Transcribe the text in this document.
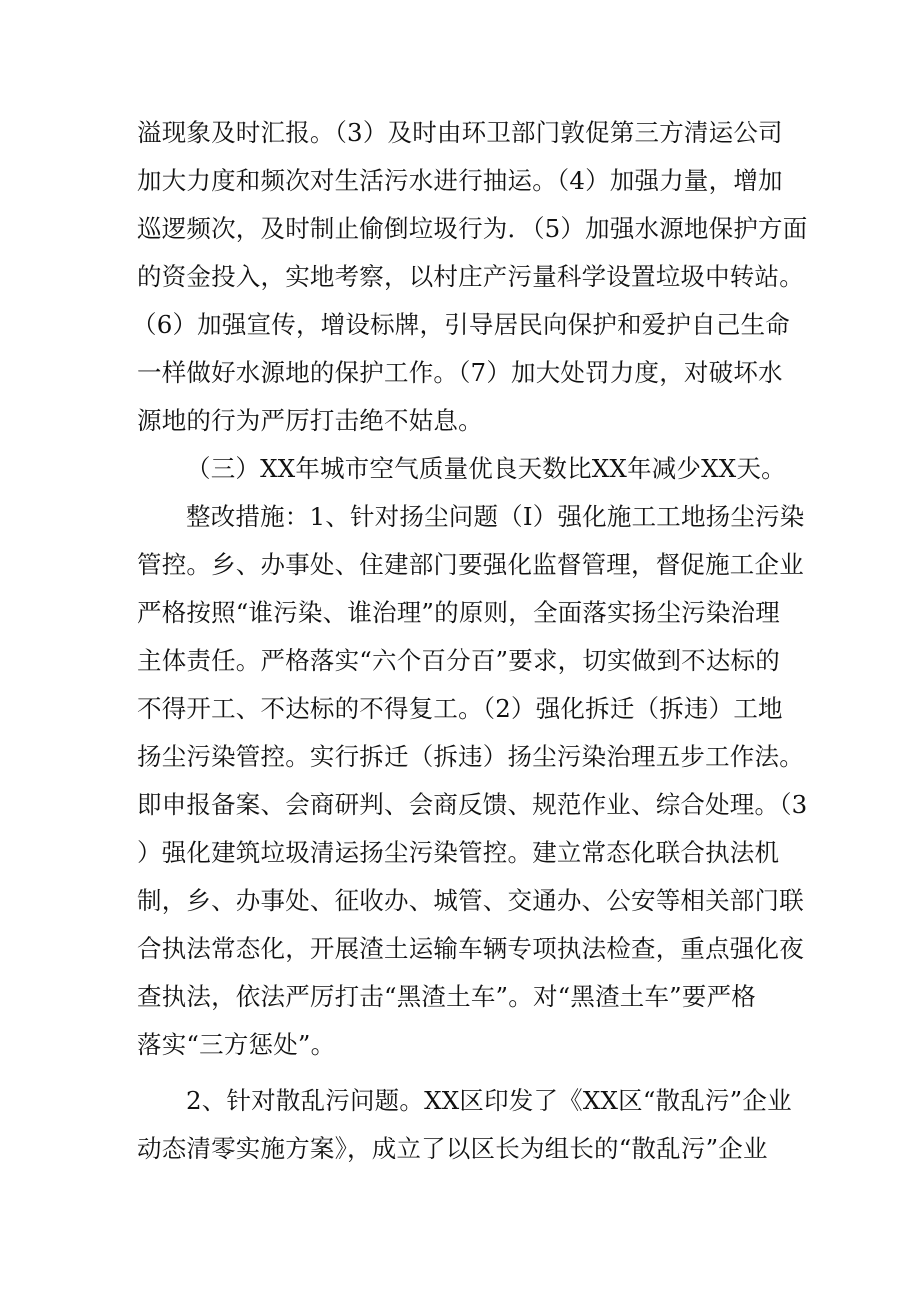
溢现象及时汇报。（3）及时由环卫部门敦促第三方清运公司
加大力度和频次对生活污水进行抽运。（4）加强力量，增加
巡逻频次，及时制止偷倒垃圾行为．（5）加强水源地保护方面
的资金投入，实地考察，以村庄产污量科学设置垃圾中转站。
（6）加强宣传，增设标牌，引导居民向保护和爱护自己生命
一样做好水源地的保护工作。（7）加大处罚力度，对破坏水
源地的行为严厉打击绝不姑息。
（三）XX年城市空气质量优良天数比XX年减少XX天。
整改措施：1、针对扬尘问题（I）强化施工工地扬尘污染
管控。乡、办事处、住建部门要强化监督管理，督促施工企业
严格按照“谁污染、谁治理”的原则，全面落实扬尘污染治理
主体责任。严格落实“六个百分百”要求，切实做到不达标的
不得开工、不达标的不得复工。（2）强化拆迁（拆违）工地
扬尘污染管控。实行拆迁（拆违）扬尘污染治理五步工作法。
即申报备案、会商研判、会商反馈、规范作业、综合处理。（3
）强化建筑垃圾清运扬尘污染管控。建立常态化联合执法机
制，乡、办事处、征收办、城管、交通办、公安等相关部门联
合执法常态化，开展渣土运输车辆专项执法检查，重点强化夜
查执法，依法严厉打击“黑渣土车”。对“黑渣土车”要严格
落实“三方惩处”。
2、针对散乱污问题。XX区印发了《XX区“散乱污”企业
动态清零实施方案》，成立了以区长为组长的“散乱污”企业
